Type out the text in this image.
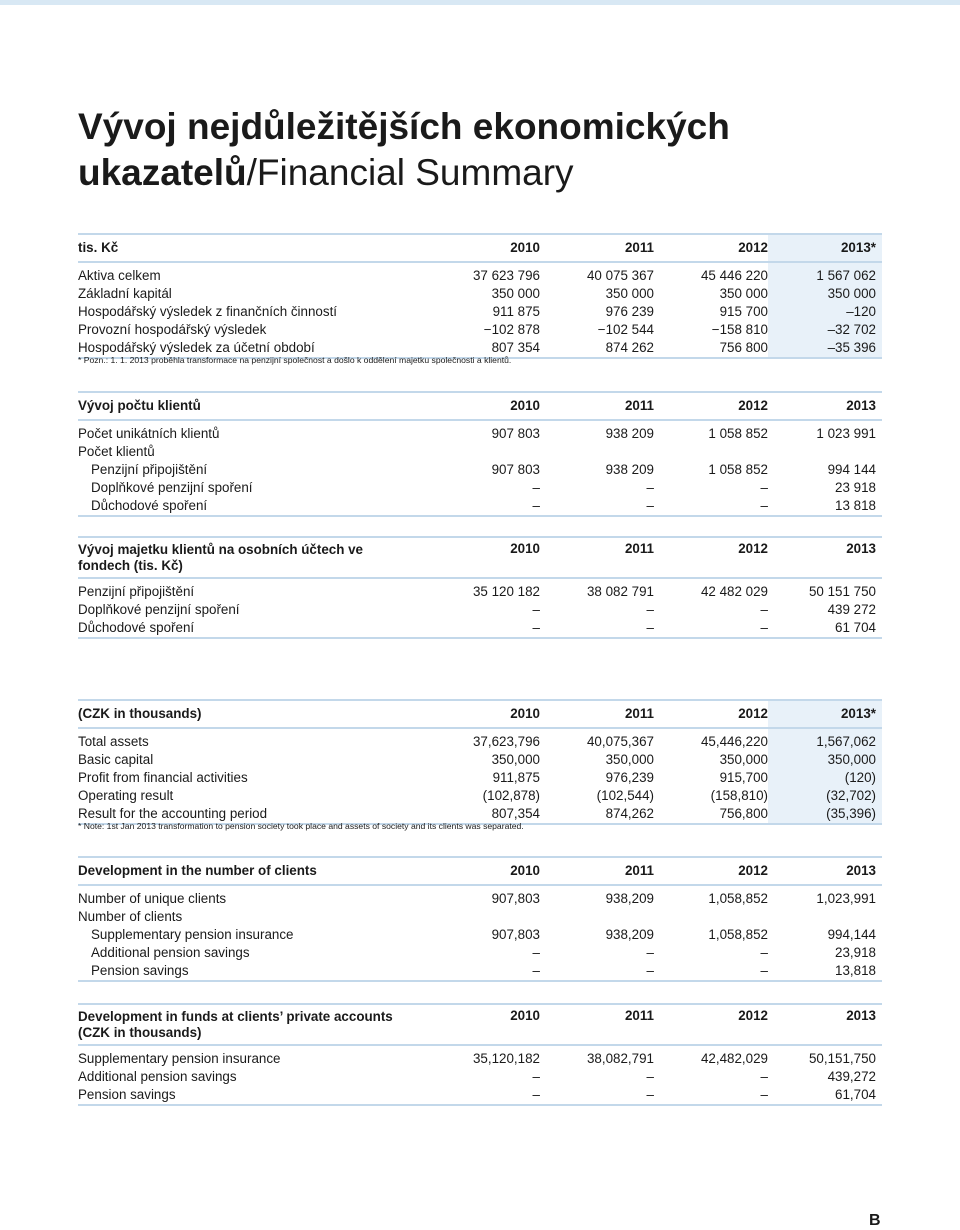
Vývoj nejdůležitějších ekonomických ukazatelů/Financial Summary
tis. Kč	2010	2011	2012	2013*
Aktiva celkem	37 623 796	40 075 367	45 446 220	1 567 062
Základní kapitál	350 000	350 000	350 000	350 000
Hospodářský výsledek z finančních činností	911 875	976 239	915 700	–120
Provozní hospodářský výsledek	−102 878	−102 544	−158 810	–32 702
Hospodářský výsledek za účetní období	807 354	874 262	756 800	–35 396
* Pozn.: 1. 1. 2013 proběhla transformace na penzijní společnost a došlo k oddělení majetku společnosti a klientů.
Vývoj počtu klientů	2010	2011	2012	2013
Počet unikátních klientů	907 803	938 209	1 058 852	1 023 991
Počet klientů				
Penzijní připojištění	907 803	938 209	1 058 852	994 144
Doplňkové penzijní spoření	–	–	–	23 918
Důchodové spoření	–	–	–	13 818
Vývoj majetku klientů na osobních účtech ve fondech (tis. Kč)	2010	2011	2012	2013
Penzijní připojištění	35 120 182	38 082 791	42 482 029	50 151 750
Doplňkové penzijní spoření	–	–	–	439 272
Důchodové spoření	–	–	–	61 704
(CZK in thousands)	2010	2011	2012	2013*
Total assets	37,623,796	40,075,367	45,446,220	1,567,062
Basic capital	350,000	350,000	350,000	350,000
Profit from financial activities	911,875	976,239	915,700	(120)
Operating result	(102,878)	(102,544)	(158,810)	(32,702)
Result for the accounting period	807,354	874,262	756,800	(35,396)
* Note: 1st Jan 2013 transformation to pension society took place and assets of society and its clients was separated.
Development in the number of clients	2010	2011	2012	2013
Number of unique clients	907,803	938,209	1,058,852	1,023,991
Number of clients				
Supplementary pension insurance	907,803	938,209	1,058,852	994,144
Additional pension savings	–	–	–	23,918
Pension savings	–	–	–	13,818
Development in funds at clients’ private accounts (CZK in thousands)	2010	2011	2012	2013
Supplementary pension insurance	35,120,182	38,082,791	42,482,029	50,151,750
Additional pension savings	–	–	–	439,272
Pension savings	–	–	–	61,704
B
